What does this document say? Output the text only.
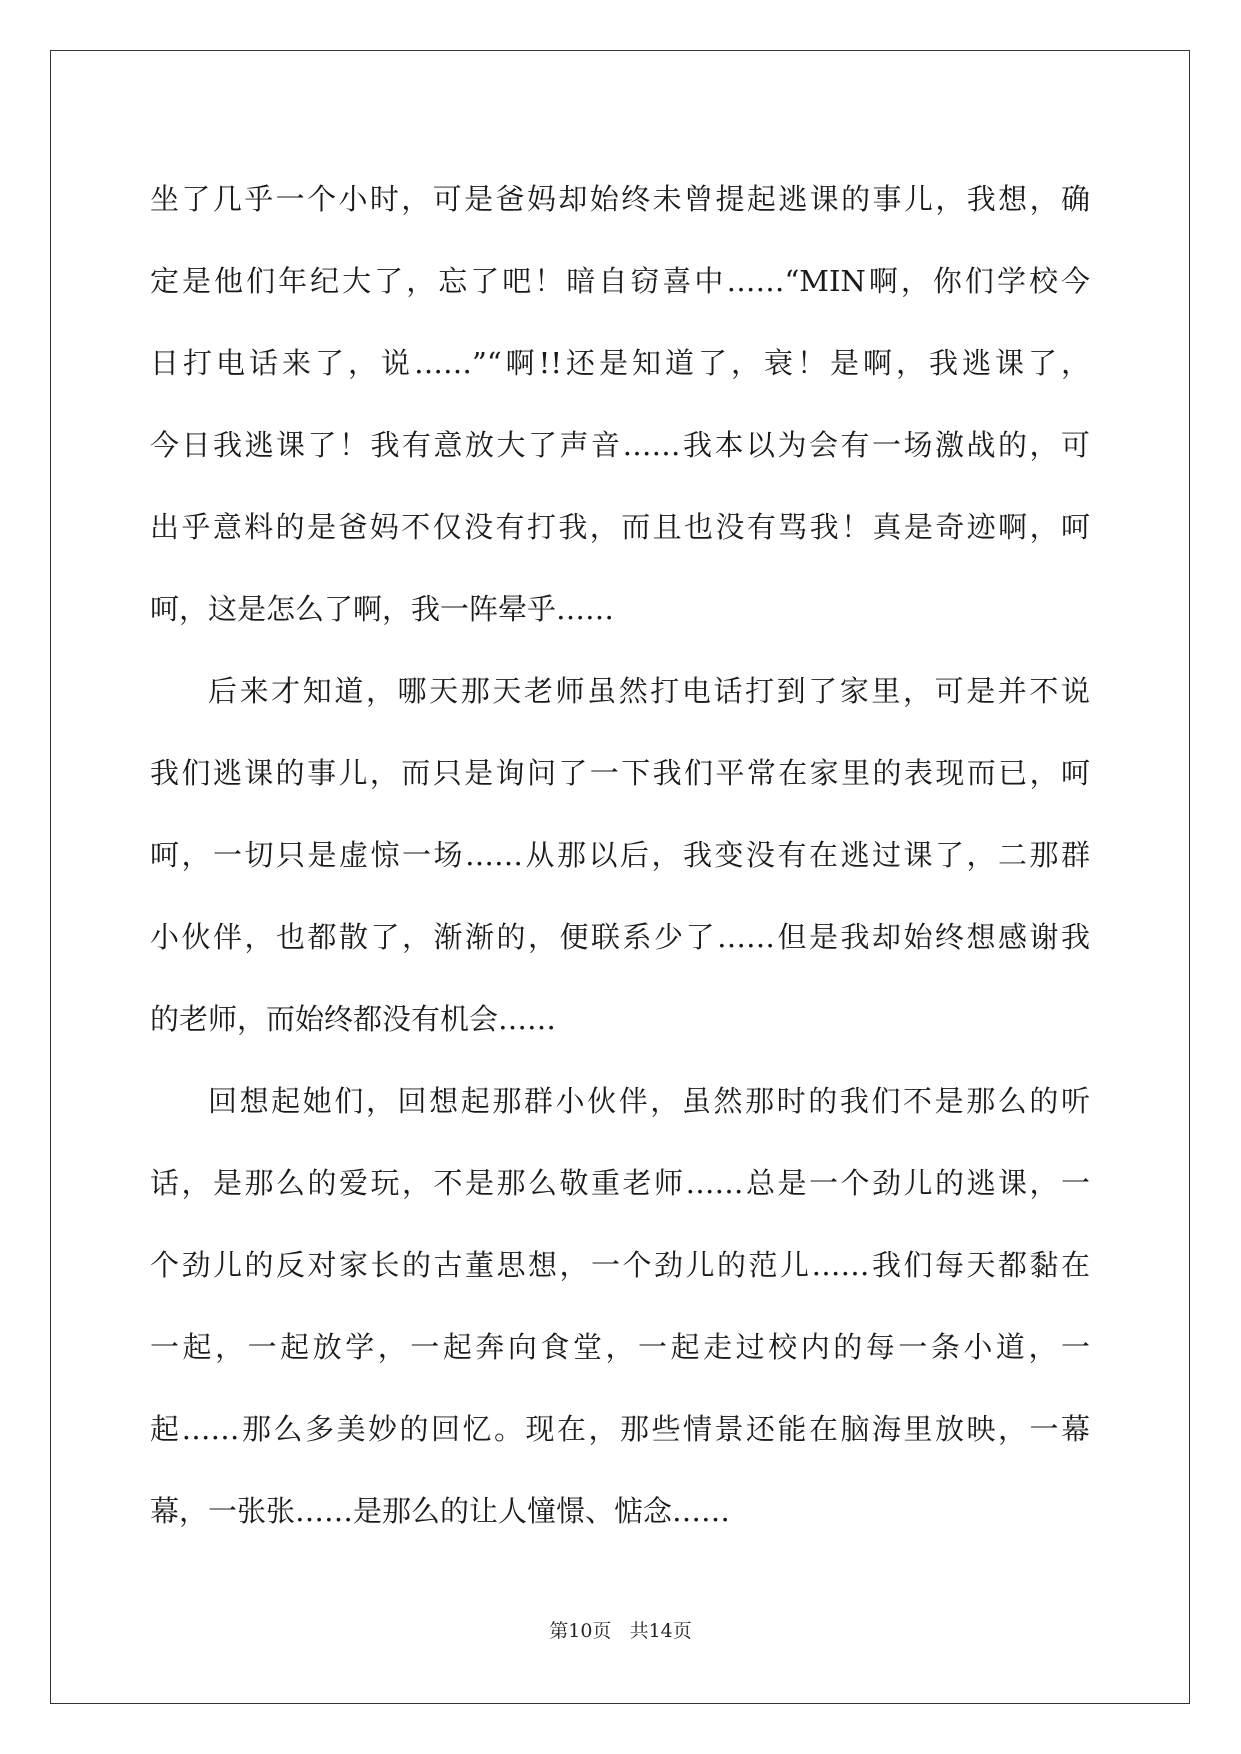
坐了几乎一个小时，可是爸妈却始终未曾提起逃课的事儿，我想，确
定是他们年纪大了，忘了吧！暗自窃喜中……“MIN啊，你们学校今
日打电话来了，说……”“啊!!还是知道了，衰！是啊，我逃课了，
今日我逃课了！我有意放大了声音……我本以为会有一场激战的，可
出乎意料的是爸妈不仅没有打我，而且也没有骂我！真是奇迹啊，呵
呵，这是怎么了啊，我一阵晕乎……
后来才知道，哪天那天老师虽然打电话打到了家里，可是并不说
我们逃课的事儿，而只是询问了一下我们平常在家里的表现而已，呵
呵，一切只是虚惊一场……从那以后，我变没有在逃过课了，二那群
小伙伴，也都散了，渐渐的，便联系少了……但是我却始终想感谢我
的老师，而始终都没有机会……
回想起她们，回想起那群小伙伴，虽然那时的我们不是那么的听
话，是那么的爱玩，不是那么敬重老师……总是一个劲儿的逃课，一
个劲儿的反对家长的古董思想，一个劲儿的范儿……我们每天都黏在
一起，一起放学，一起奔向食堂，一起走过校内的每一条小道，一
起……那么多美妙的回忆。现在，那些情景还能在脑海里放映，一幕
幕，一张张……是那么的让人憧憬、惦念……
第10页 共14页
